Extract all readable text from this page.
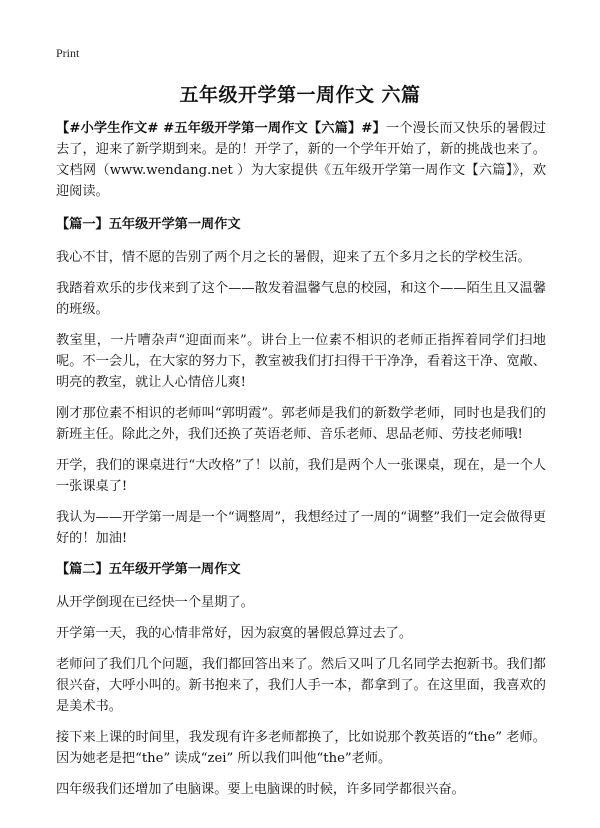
Print
五年级开学第一周作文 六篇

【#小学生作文# #五年级开学第一周作文【六篇】#】一个漫长而又快乐的暑假过去了，迎来了新学期到来。是的！开学了，新的一个学年开始了，新的挑战也来了。文档网（www.wendang.net ）为大家提供《五年级开学第一周作文【六篇】》，欢迎阅读。

【篇一】五年级开学第一周作文

我心不甘，情不愿的告别了两个月之长的暑假，迎来了五个多月之长的学校生活。

我踏着欢乐的步伐来到了这个——散发着温馨气息的校园，和这个——陌生且又温馨的班级。

教室里，一片嘈杂声“迎面而来”。讲台上一位素不相识的老师正指挥着同学们扫地呢。不一会儿，在大家的努力下，教室被我们打扫得干干净净，看着这干净、宽敞、明亮的教室，就让人心情倍儿爽!

刚才那位素不相识的老师叫“郭明霞”。郭老师是我们的新数学老师，同时也是我们的新班主任。除此之外，我们还换了英语老师、音乐老师、思品老师、劳技老师哦!

开学，我们的课桌进行“大改格”了！以前，我们是两个人一张课桌，现在，是一个人一张课桌了!

我认为——开学第一周是一个“调整周”，我想经过了一周的“调整”我们一定会做得更好的！加油!

【篇二】五年级开学第一周作文

从开学倒现在已经快一个星期了。

开学第一天，我的心情非常好，因为寂寞的暑假总算过去了。

老师问了我们几个问题，我们都回答出来了。然后又叫了几名同学去抱新书。我们都很兴奋，大呼小叫的。新书抱来了，我们人手一本，都拿到了。在这里面，我喜欢的是美术书。

接下来上课的时间里，我发现有许多老师都换了，比如说那个教英语的“the” 老师。因为她老是把“the” 读成“zei” 所以我们叫他“the”老师。

四年级我们还增加了电脑课。要上电脑课的时候，许多同学都很兴奋。
